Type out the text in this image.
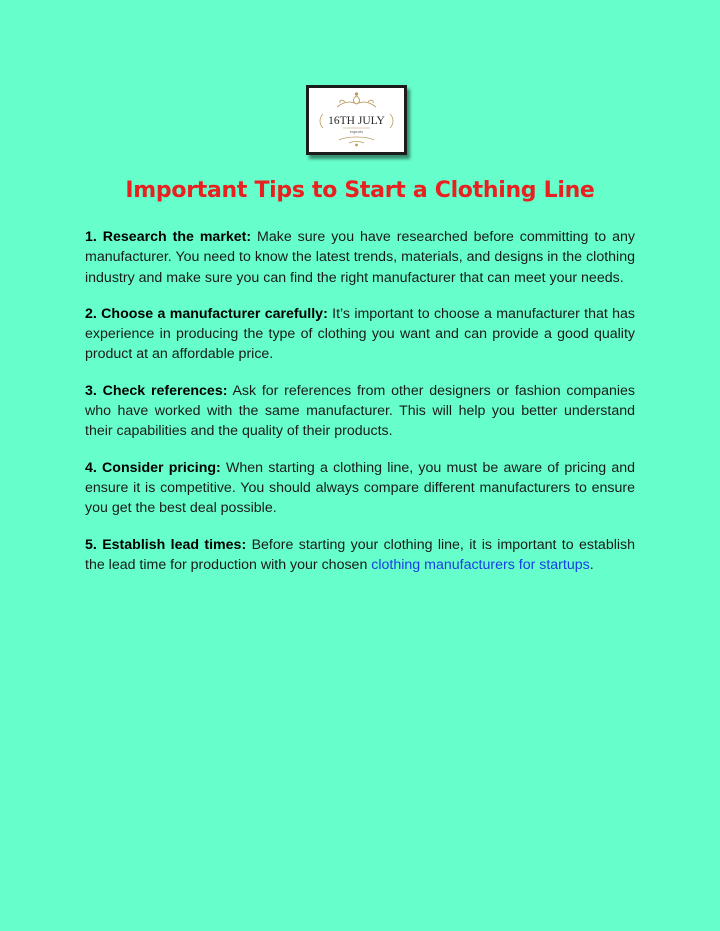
16TH JULY
exports
Important Tips to Start a Clothing Line

1. Research the market: Make sure you have researched before committing to any manufacturer. You need to know the latest trends, materials, and designs in the clothing industry and make sure you can find the right manufacturer that can meet your needs.

2. Choose a manufacturer carefully: It’s important to choose a manufacturer that has experience in producing the type of clothing you want and can provide a good quality product at an affordable price.

3. Check references: Ask for references from other designers or fashion companies who have worked with the same manufacturer. This will help you better understand their capabilities and the quality of their products.

4. Consider pricing: When starting a clothing line, you must be aware of pricing and ensure it is competitive. You should always compare different manufacturers to ensure you get the best deal possible.

5. Establish lead times: Before starting your clothing line, it is important to establish the lead time for production with your chosen clothing manufacturers for startups.
